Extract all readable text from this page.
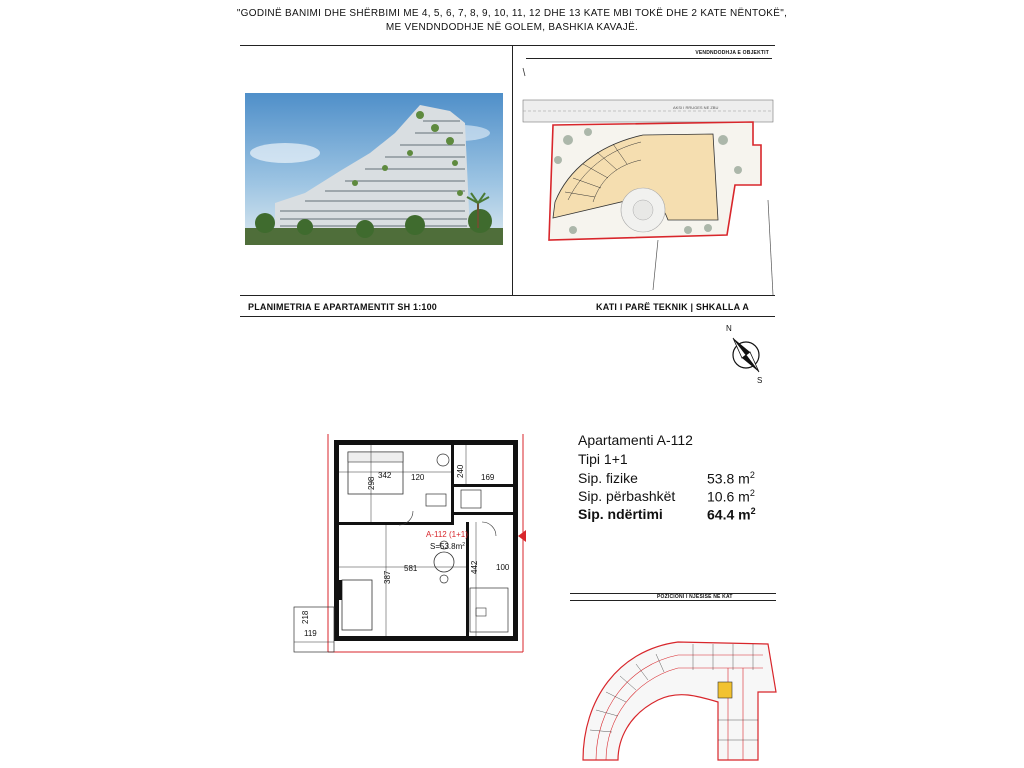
"GODINË BANIMI DHE SHËRBIMI ME 4, 5, 6, 7, 8, 9, 10, 11, 12 DHE 13 KATE MBI TOKË DHE 2 KATE NËNTOKË",
ME VENDNDODHJE NË GOLEM, BASHKIA KAVAJË.
VENDNDODHJA E OBJEKTIT
AKSI I RRUGES NE ZBU
PLANIMETRIA E APARTAMENTIT SH 1:100	KATI I PARË TEKNIK | SHKALLA A
N
S
342 120	240 169
298
581
387
442 100
218
119
A-112 (1+1)
$S=53.8m^2$
Apartamenti A-112
Tipi 1+1
Sip. fizike	53.8 $m^2$
Sip. përbashkët 10.6 $m^2$
Sip. ndërtimi	64.4 $m^2$
POZICIONI I NJËSISË NË KAT
